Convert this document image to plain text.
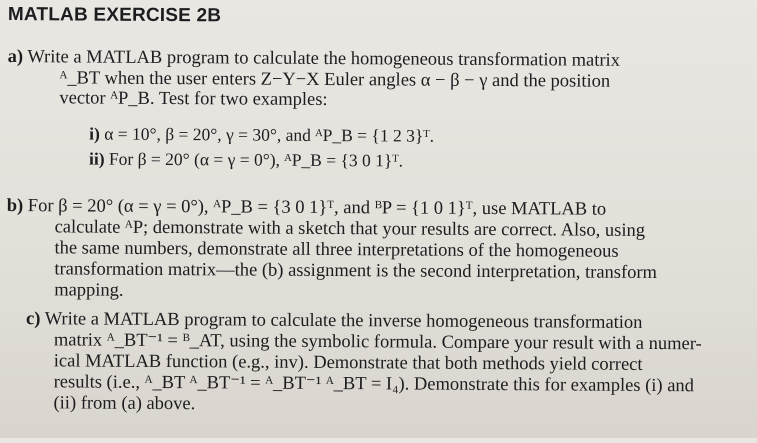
MATLAB EXERCISE 2B
a) Write a MATLAB program to calculate the homogeneous transformation matrix
ᴬ_BT when the user enters Z−Y−X Euler angles α − β − γ and the position
vector ᴬP_B. Test for two examples:
i) α = 10°, β = 20°, γ = 30°, and ᴬP_B = {1 2 3}ᵀ.
ii) For β = 20° (α = γ = 0°), ᴬP_B = {3 0 1}ᵀ.
b) For β = 20° (α = γ = 0°), ᴬP_B = {3 0 1}ᵀ, and ᴮP = {1 0 1}ᵀ, use MATLAB to
calculate ᴬP; demonstrate with a sketch that your results are correct. Also, using
the same numbers, demonstrate all three interpretations of the homogeneous
transformation matrix—the (b) assignment is the second interpretation, transform
mapping.
c) Write a MATLAB program to calculate the inverse homogeneous transformation
matrix ᴬ_BT⁻¹ = ᴮ_AT, using the symbolic formula. Compare your result with a numer-
ical MATLAB function (e.g., inv). Demonstrate that both methods yield correct
results (i.e., ᴬ_BT ᴬ_BT⁻¹ = ᴬ_BT⁻¹ ᴬ_BT = I₄). Demonstrate this for examples (i) and
(ii) from (a) above.
